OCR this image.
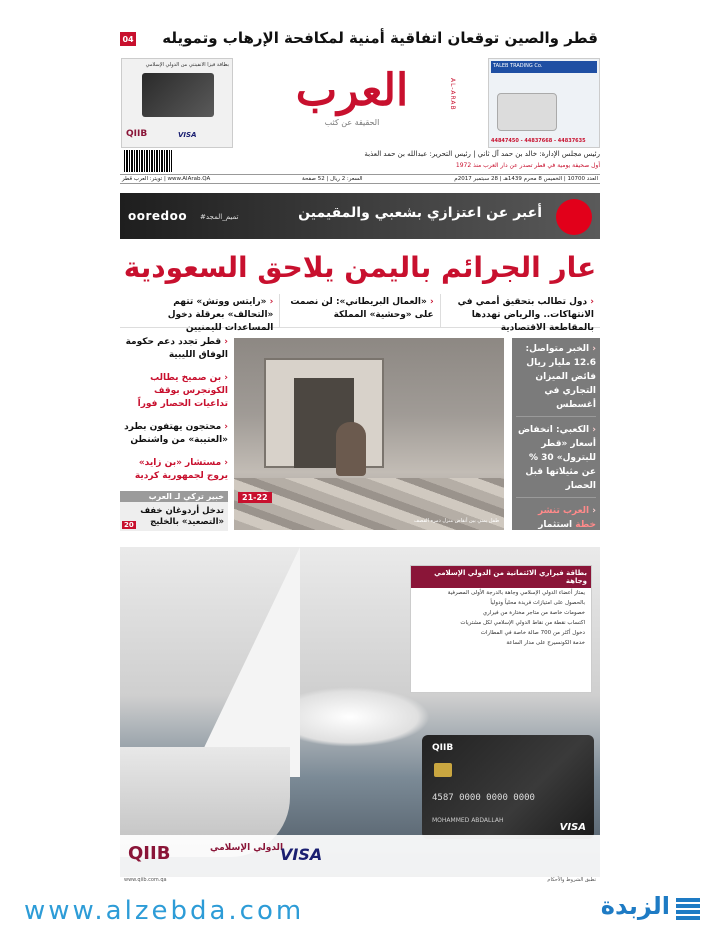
04 قطر والصين توقعان اتفاقية أمنية لمكافحة الإرهاب وتمويله
بطاقة فيزا الانفينتي من الدولي الإسلامي
QIIB	VISA
العرب
الحقيقة عن كثب
AL-ARAB
TALEB TRADING Co.
44847450 - 44837668 - 44837635
رئيس مجلس الإدارة: خالد بن حمد آل ثاني | رئيس التحرير: عبدالله بن حمد العذبة
أول صحيفة يومية في قطر تصدر عن دار العرب منذ 1972
العدد 10700 | الخميس 8 محرم 1439هـ | 28 سبتمبر 2017م
السعر: 2 ريال | 52 صفحة
www.AlArab.QA | تويتر: العرب قطر
ooredoo #تميم_المجد	أعبر عن اعتزازي بشعبي والمقيمين
عار الجرائم باليمن يلاحق السعودية
‹ دول تطالب بتحقيق أممي في الانتهاكات.. والرياض تهددها بالمقاطعة الاقتصادية
‹ «العمال البريطاني»: لن نصمت على «وحشية» المملكة
‹ «رايتس ووتش» تتهم «التحالف» بعرقلة دخول المساعدات لليمنيين
21-22
طفل يمني بين أنقاض منزل دمره القصف
‹ قطر تجدد دعم حكومة الوفاق الليبية
‹ بن صميخ يطالب الكونجرس بوقف تداعيات الحصار فوراً
‹ محتجون يهتفون بطرد «العتيبة» من واشنطن
‹ مستشار «بن زايد» يروج لجمهورية كردية
خبير تركي لـ العرب
تدخل أردوغان خفف «التصعيد» بالخليج
20
‹ الخبر متواصل: 12.6 مليار ريال فائض الميزان التجاري في أغسطس
‹ الكعبي: انخفاض أسعار «قطر للبترول» 30 % عن مثيلاتها قبل الحصار
‹ العرب تنشر خطة استثمار «الحلال» العالم
بطاقة فيراري الائتمانية من الدولي الإسلامي وجاهة
يمتاز أعضاء الدولي الإسلامي وجاهة بالدرجة الأولى المصرفية
بالحصول على امتيازات فريدة محلياً ودولياً
خصومات خاصة من متاجر مختارة من فيراري
اكتساب نقطة من نقاط الدولي الإسلامي لكل مشتريات
دخول أكثر من 700 صالة خاصة في المطارات
خدمة الكونسيرج على مدار الساعة
QIIB
4587 0000 0000 0000
MOHAMMED ABDALLAH
VISA
QIIB	الدولي الإسلامي
VISA
www.qiib.com.qa	تطبق الشروط والأحكام
www.alzebda.com	الزبدة
